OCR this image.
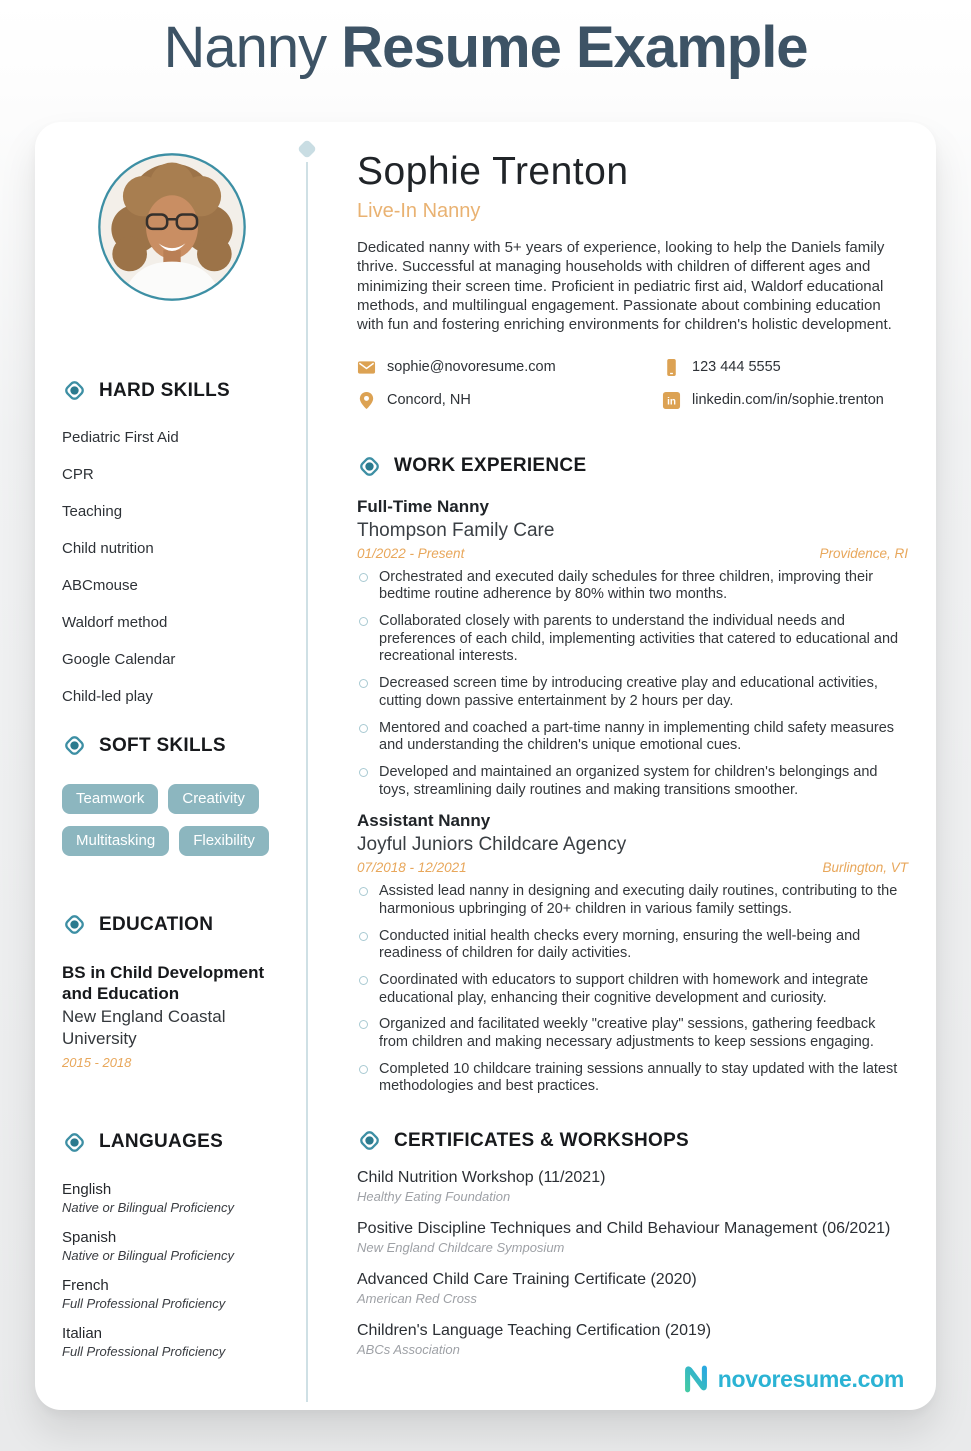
Nanny Resume Example
HARD SKILLS
Pediatric First Aid
CPR
Teaching
Child nutrition
ABCmouse
Waldorf method
Google Calendar
Child-led play
SOFT SKILLS
Teamwork	Creativity
Multitasking	Flexibility
EDUCATION
BS in Child Development and Education
New England Coastal University
2015 - 2018
LANGUAGES
English
Native or Bilingual Proficiency
Spanish
Native or Bilingual Proficiency
French
Full Professional Proficiency
Italian
Full Professional Proficiency
Sophie Trenton
Live-In Nanny

Dedicated nanny with 5+ years of experience, looking to help the Daniels family thrive. Successful at managing households with children of different ages and minimizing their screen time. Proficient in pediatric first aid, Waldorf educational methods, and multilingual engagement. Passionate about combining education with fun and fostering enriching environments for children's holistic development.

sophie@novoresume.com	123 444 5555
Concord, NH	in linkedin.com/in/sophie.trenton
WORK EXPERIENCE
Full-Time Nanny
Thompson Family Care
01/2022 - Present	Providence, RI
Orchestrated and executed daily schedules for three children, improving their bedtime routine adherence by 80% within two months.
Collaborated closely with parents to understand the individual needs and preferences of each child, implementing activities that catered to educational and recreational interests.
Decreased screen time by introducing creative play and educational activities, cutting down passive entertainment by 2 hours per day.
Mentored and coached a part-time nanny in implementing child safety measures and understanding the children's unique emotional cues.
Developed and maintained an organized system for children's belongings and toys, streamlining daily routines and making transitions smoother.
Assistant Nanny
Joyful Juniors Childcare Agency
07/2018 - 12/2021	Burlington, VT
Assisted lead nanny in designing and executing daily routines, contributing to the harmonious upbringing of 20+ children in various family settings.
Conducted initial health checks every morning, ensuring the well-being and readiness of children for daily activities.
Coordinated with educators to support children with homework and integrate educational play, enhancing their cognitive development and curiosity.
Organized and facilitated weekly "creative play" sessions, gathering feedback from children and making necessary adjustments to keep sessions engaging.
Completed 10 childcare training sessions annually to stay updated with the latest methodologies and best practices.
CERTIFICATES & WORKSHOPS
Child Nutrition Workshop (11/2021)
Healthy Eating Foundation
Positive Discipline Techniques and Child Behaviour Management (06/2021)
New England Childcare Symposium
Advanced Child Care Training Certificate (2020)
American Red Cross
Children's Language Teaching Certification (2019)
ABCs Association
novoresume.com
